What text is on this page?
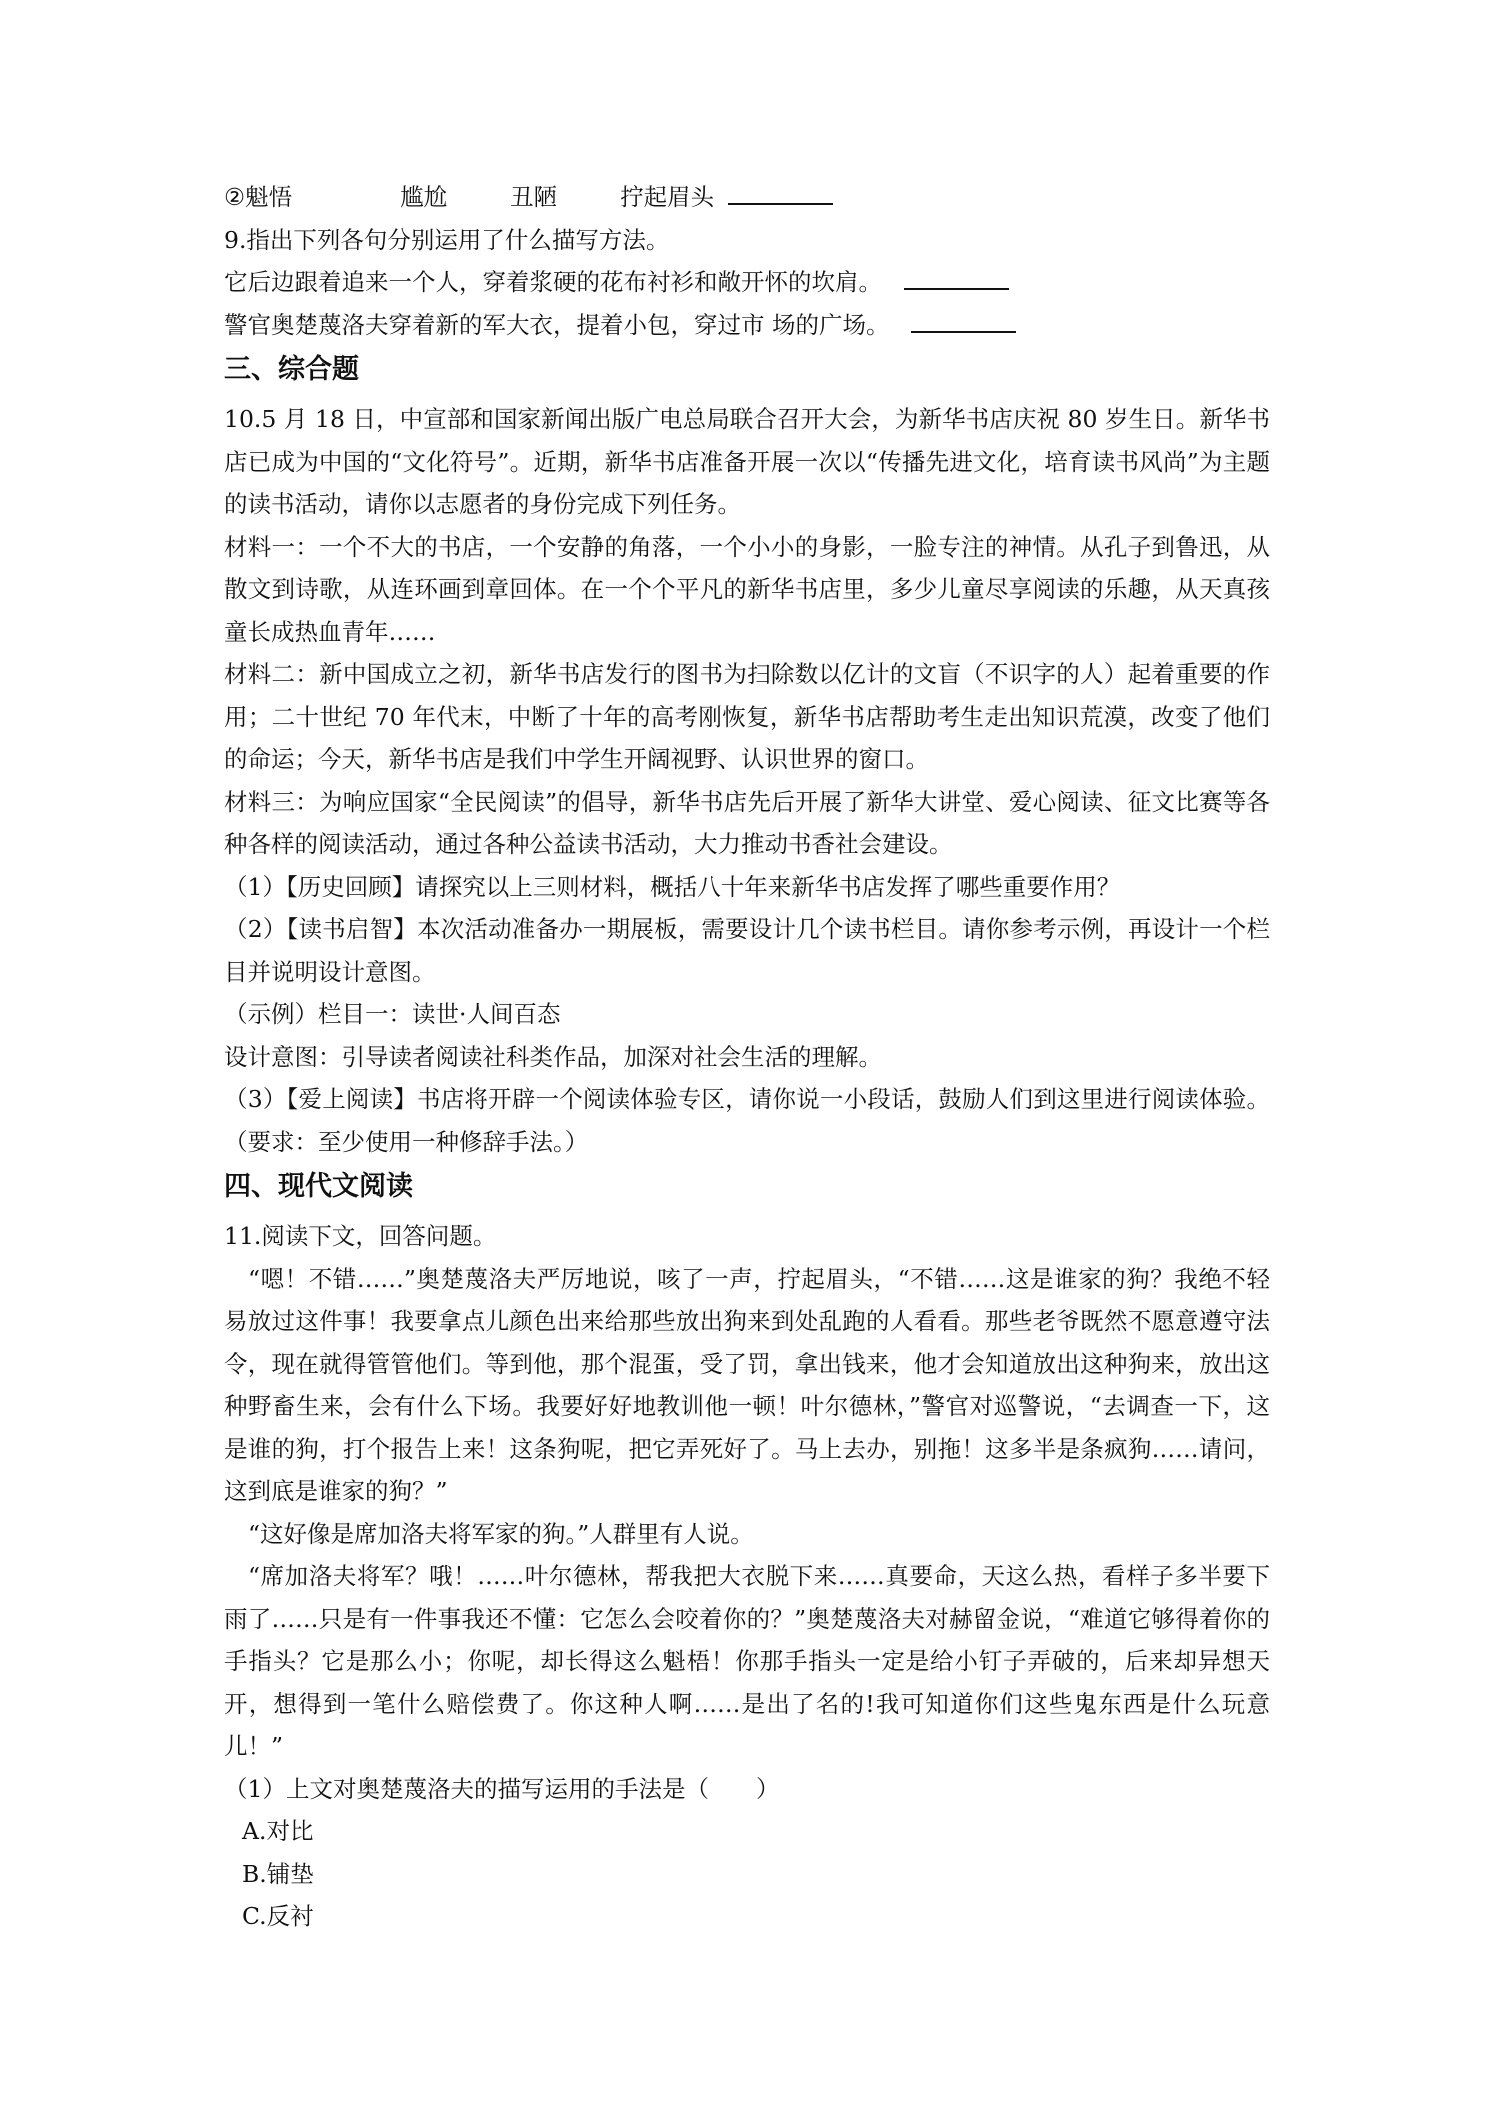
②魁悟	尴尬	丑陋	拧起眉头
9.指出下列各句分别运用了什么描写方法。
它后边跟着追来一个人，穿着浆硬的花布衬衫和敞开怀的坎肩。
警官奥楚蔑洛夫穿着新的军大衣，提着小包，穿过市 场的广场。
三、综合题

10.5 月 18 日，中宣部和国家新闻出版广电总局联合召开大会，为新华书店庆祝 80 岁生日。新华书店已成为中国的“文化符号”。近期，新华书店准备开展一次以“传播先进文化，培育读书风尚”为主题的读书活动，请你以志愿者的身份完成下列任务。

材料一：一个不大的书店，一个安静的角落，一个小小的身影，一脸专注的神情。从孔子到鲁迅，从散文到诗歌，从连环画到章回体。在一个个平凡的新华书店里，多少儿童尽享阅读的乐趣，从天真孩童长成热血青年……

材料二：新中国成立之初，新华书店发行的图书为扫除数以亿计的文盲（不识字的人）起着重要的作用；二十世纪 70 年代末，中断了十年的高考刚恢复，新华书店帮助考生走出知识荒漠，改变了他们的命运；今天，新华书店是我们中学生开阔视野、认识世界的窗口。

材料三：为响应国家“全民阅读”的倡导，新华书店先后开展了新华大讲堂、爱心阅读、征文比赛等各种各样的阅读活动，通过各种公益读书活动，大力推动书香社会建设。

（1）【历史回顾】请探究以上三则材料，概括八十年来新华书店发挥了哪些重要作用？

（2）【读书启智】本次活动准备办一期展板，需要设计几个读书栏目。请你参考示例，再设计一个栏目并说明设计意图。

（示例）栏目一：读世·人间百态

设计意图：引导读者阅读社科类作品，加深对社会生活的理解。

（3）【爱上阅读】书店将开辟一个阅读体验专区，请你说一小段话，鼓励人们到这里进行阅读体验。（要求：至少使用一种修辞手法。）

四、现代文阅读

11.阅读下文，回答问题。

“嗯！不错……”奥楚蔑洛夫严厉地说，咳了一声，拧起眉头，“不错……这是谁家的狗？我绝不轻易放过这件事！我要拿点儿颜色出来给那些放出狗来到处乱跑的人看看。那些老爷既然不愿意遵守法令，现在就得管管他们。等到他，那个混蛋，受了罚，拿出钱来，他才会知道放出这种狗来，放出这种野畜生来，会有什么下场。我要好好地教训他一顿！叶尔德林，”警官对巡警说，“去调查一下，这是谁的狗，打个报告上来！这条狗呢，把它弄死好了。马上去办，别拖！这多半是条疯狗……请问，这到底是谁家的狗？”

“这好像是席加洛夫将军家的狗。”人群里有人说。

“席加洛夫将军？哦！……叶尔德林，帮我把大衣脱下来……真要命，天这么热，看样子多半要下雨了……只是有一件事我还不懂：它怎么会咬着你的？”奥楚蔑洛夫对赫留金说，“难道它够得着你的手指头？它是那么小；你呢，却长得这么魁梧！你那手指头一定是给小钉子弄破的，后来却异想天开，想得到一笔什么赔偿费了。你这种人啊……是出了名的!我可知道你们这些鬼东西是什么玩意儿！”

（1）上文对奥楚蔑洛夫的描写运用的手法是（　　）

A.对比
B.铺垫
C.反衬
